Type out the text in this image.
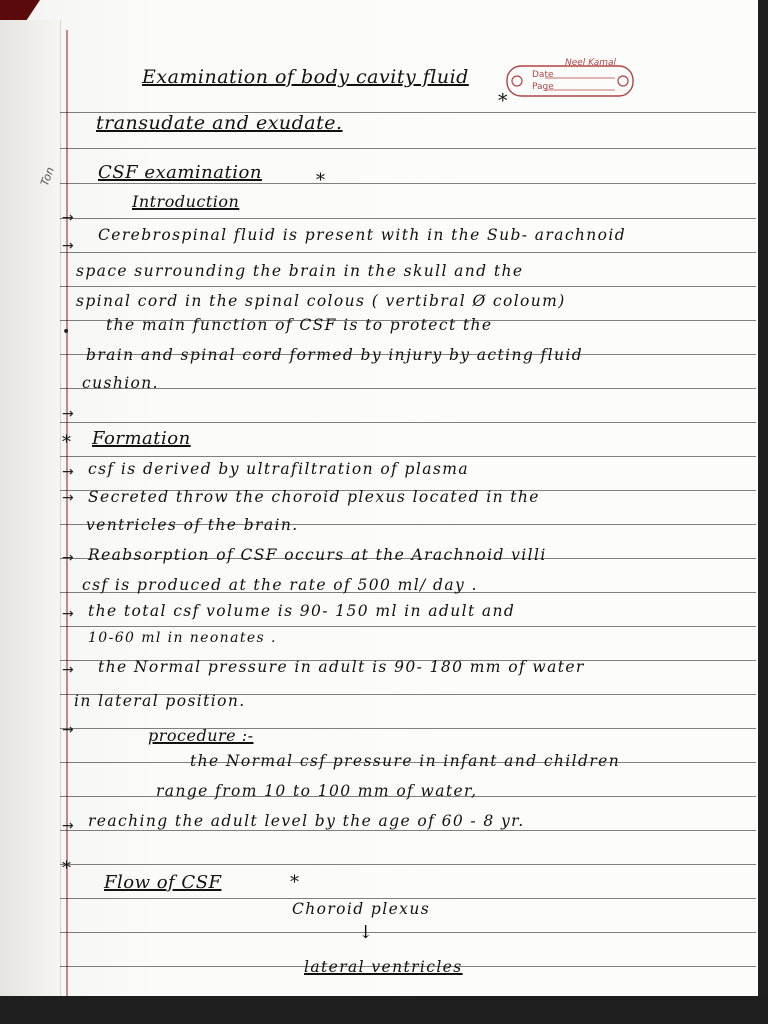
Neel Kamal
Date
Page
Ton
Examination of body cavity fluid
*
transudate and exudate.
CSF examination	*
Introduction
→
→
Cerebrospinal fluid is present with in the Sub- arachnoid
space surrounding the brain in the skull and the
spinal cord in the spinal colous ( vertibral Ø coloum)
• the main function of CSF is to protect the
brain and spinal cord formed by injury by acting fluid
cushion.
→
* Formation
→ csf is derived by ultrafiltration of plasma
→ Secreted throw the choroid plexus located in the
ventricles of the brain.
→ Reabsorption of CSF occurs at the Arachnoid villi
csf is produced at the rate of 500 ml/ day .
→ the total csf volume is 90- 150 ml in adult and
10-60 ml in neonates .
→ the Normal pressure in adult is 90- 180 mm of water
in lateral position.
→	procedure :-
the Normal csf pressure in infant and children
range from 10 to 100 mm of water,
→ reaching the adult level by the age of 60 - 8 yr.
*
Flow of CSF	*
Choroid plexus
↓
lateral ventricles
